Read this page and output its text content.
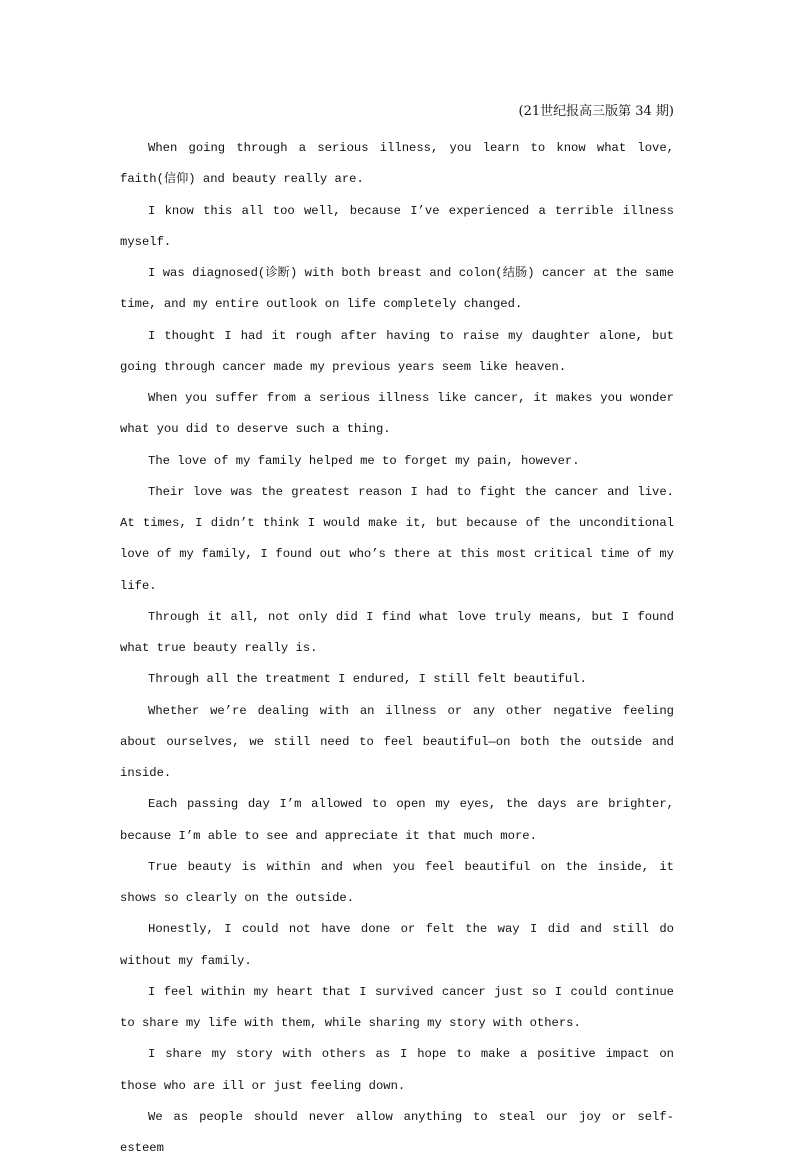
(21世纪报高三版第 34 期)

When going through a serious illness, you learn to know what love, faith(信仰) and beauty really are.

I know this all too well, because I’ve experienced a terrible illness myself.

I was diagnosed(诊断) with both breast and colon(结肠) cancer at the same time, and my entire outlook on life completely changed.

I thought I had it rough after having to raise my daughter alone, but going through cancer made my previous years seem like heaven.

When you suffer from a serious illness like cancer, it makes you wonder what you did to deserve such a thing.

The love of my family helped me to forget my pain, however.

Their love was the greatest reason I had to fight the cancer and live. At times, I didn’t think I would make it, but because of the unconditional love of my family, I found out who’s there at this most critical time of my life.

Through it all, not only did I find what love truly means, but I found what true beauty really is.

Through all the treatment I endured, I still felt beautiful.

Whether we’re dealing with an illness or any other negative feeling about ourselves, we still need to feel beautiful—on both the outside and inside.

Each passing day I’m allowed to open my eyes, the days are brighter, because I’m able to see and appreciate it that much more.

True beauty is within and when you feel beautiful on the inside, it shows so clearly on the outside.

Honestly, I could not have done or felt the way I did and still do without my family.

I feel within my heart that I survived cancer just so I could continue to share my life with them, while sharing my story with others.

I share my story with others as I hope to make a positive impact on those who are ill or just feeling down.

We as people should never allow anything to steal our joy or self-esteem
